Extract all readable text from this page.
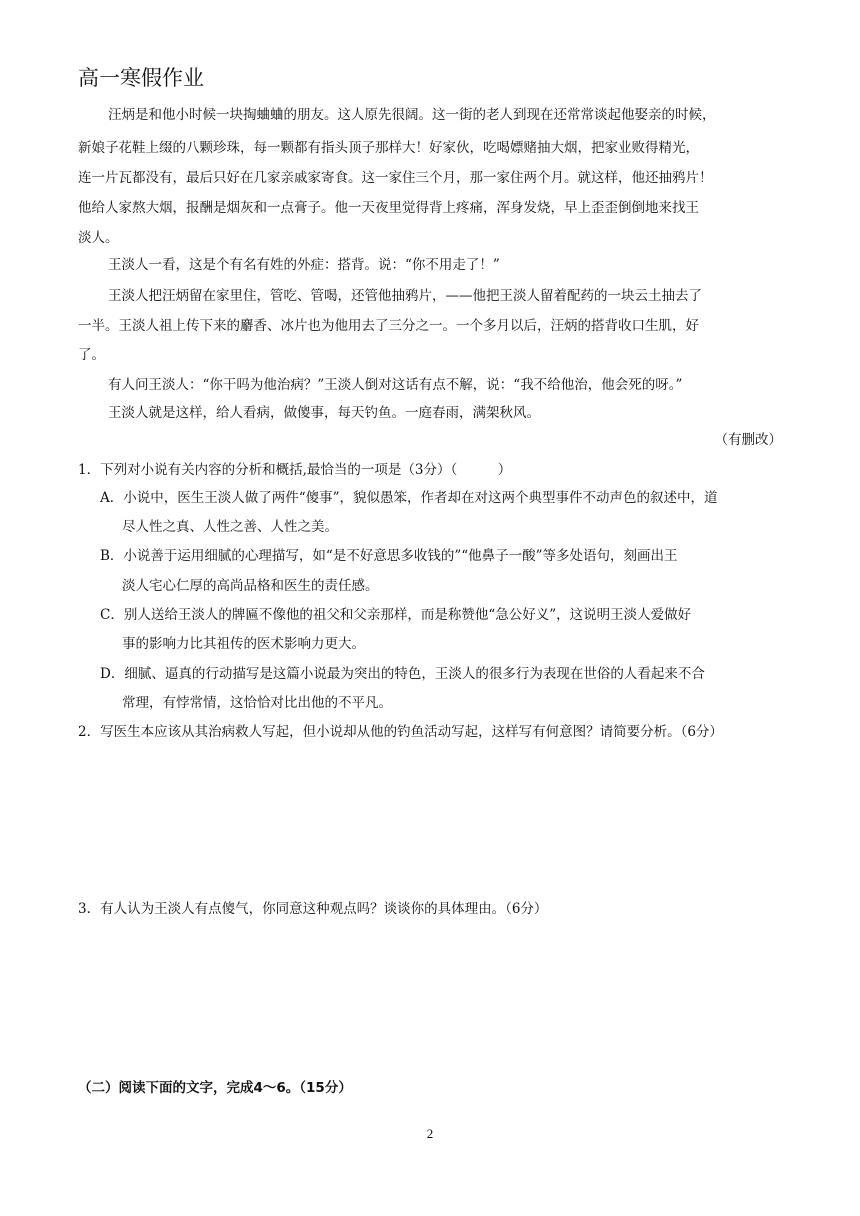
高一寒假作业
汪炳是和他小时候一块掏蛐蛐的朋友。这人原先很阔。这一街的老人到现在还常常谈起他娶亲的时候，
新娘子花鞋上缀的八颗珍珠，每一颗都有指头顶子那样大！好家伙，吃喝嫖赌抽大烟，把家业败得精光，
连一片瓦都没有，最后只好在几家亲戚家寄食。这一家住三个月，那一家住两个月。就这样，他还抽鸦片！
他给人家熬大烟，报酬是烟灰和一点膏子。他一天夜里觉得背上疼痛，浑身发烧，早上歪歪倒倒地来找王
淡人。
王淡人一看，这是个有名有姓的外症：搭背。说：“你不用走了！”
王淡人把汪炳留在家里住，管吃、管喝，还管他抽鸦片，——他把王淡人留着配药的一块云土抽去了
一半。王淡人祖上传下来的麝香、冰片也为他用去了三分之一。一个多月以后，汪炳的搭背收口生肌，好
了。
有人问王淡人：“你干吗为他治病？”王淡人倒对这话有点不解，说：“我不给他治，他会死的呀。”
王淡人就是这样，给人看病，做傻事，每天钓鱼。一庭春雨，满架秋风。
（有删改）
1．下列对小说有关内容的分析和概括,最恰当的一项是（3分）（　　　）
A．小说中，医生王淡人做了两件“傻事”，貌似愚笨，作者却在对这两个典型事件不动声色的叙述中，道
尽人性之真、人性之善、人性之美。
B．小说善于运用细腻的心理描写，如“是不好意思多收钱的”“他鼻子一酸”等多处语句，刻画出王
淡人宅心仁厚的高尚品格和医生的责任感。
C．别人送给王淡人的牌匾不像他的祖父和父亲那样，而是称赞他“急公好义”，这说明王淡人爱做好
事的影响力比其祖传的医术影响力更大。
D．细腻、逼真的行动描写是这篇小说最为突出的特色，王淡人的很多行为表现在世俗的人看起来不合
常理，有悖常情，这恰恰对比出他的不平凡。
2．写医生本应该从其治病救人写起，但小说却从他的钓鱼活动写起，这样写有何意图？请简要分析。（6分）
3．有人认为王淡人有点傻气，你同意这种观点吗？谈谈你的具体理由。（6分）
（二）阅读下面的文字，完成4～6。（15分）
2
